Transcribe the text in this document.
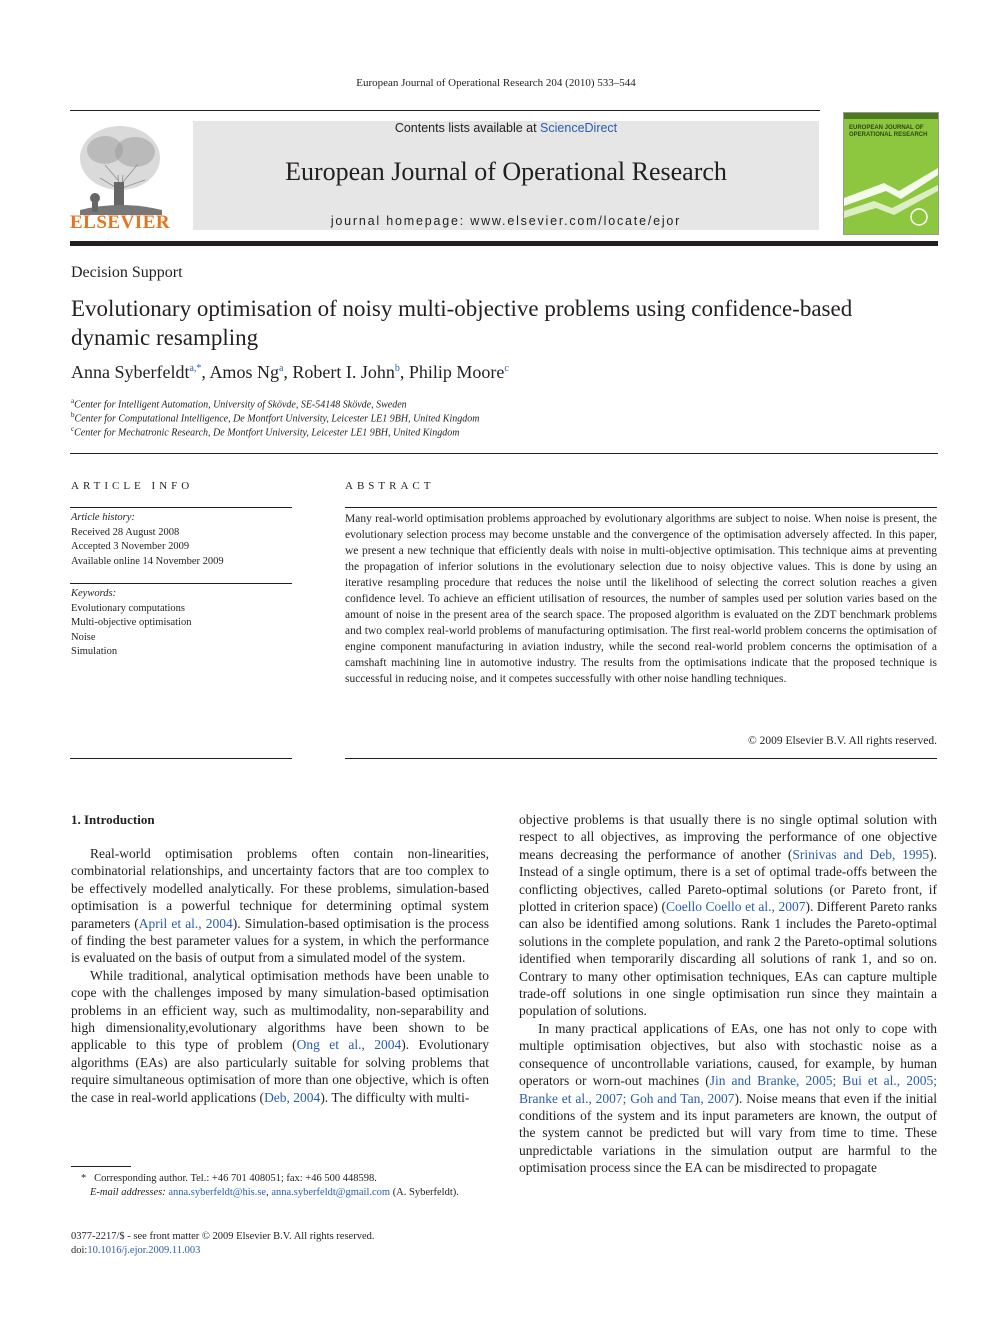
European Journal of Operational Research 204 (2010) 533–544
ELSEVIER
Contents lists available at ScienceDirect
European Journal of Operational Research
journal homepage: www.elsevier.com/locate/ejor
EUROPEAN JOURNAL OF OPERATIONAL RESEARCH
Decision Support
Evolutionary optimisation of noisy multi-objective problems using confidence-based dynamic resampling
Anna Syberfeldt$^{a,*}$, Amos Ng$^a$, Robert I. John$^b$, Philip Moore$^c$
$^a$Center for Intelligent Automation, University of Skövde, SE-54148 Skövde, Sweden
$^b$Center for Computational Intelligence, De Montfort University, Leicester LE1 9BH, United Kingdom
$^c$Center for Mechatronic Research, De Montfort University, Leicester LE1 9BH, United Kingdom
ARTICLE INFO
Article history:
Received 28 August 2008
Accepted 3 November 2009
Available online 14 November 2009
Keywords:
Evolutionary computations
Multi-objective optimisation
Noise
Simulation
ABSTRACT
Many real-world optimisation problems approached by evolutionary algorithms are subject to noise. When noise is present, the evolutionary selection process may become unstable and the convergence of the optimisation adversely affected. In this paper, we present a new technique that efficiently deals with noise in multi-objective optimisation. This technique aims at preventing the propagation of inferior solutions in the evolutionary selection due to noisy objective values. This is done by using an iterative resampling procedure that reduces the noise until the likelihood of selecting the correct solution reaches a given confidence level. To achieve an efficient utilisation of resources, the number of samples used per solution varies based on the amount of noise in the present area of the search space. The proposed algorithm is evaluated on the ZDT benchmark problems and two complex real-world problems of manufacturing optimisation. The first real-world problem concerns the optimisation of engine component manufacturing in aviation industry, while the second real-world problem concerns the optimisation of a camshaft machining line in automotive industry. The results from the optimisations indicate that the proposed technique is successful in reducing noise, and it competes successfully with other noise handling techniques.
© 2009 Elsevier B.V. All rights reserved.
1. Introduction

Real-world optimisation problems often contain non-linearities, combinatorial relationships, and uncertainty factors that are too complex to be effectively modelled analytically. For these problems, simulation-based optimisation is a powerful technique for determining optimal system parameters (April et al., 2004). Simulation-based optimisation is the process of finding the best parameter values for a system, in which the performance is evaluated on the basis of output from a simulated model of the system.

While traditional, analytical optimisation methods have been unable to cope with the challenges imposed by many simulation-based optimisation problems in an efficient way, such as multimodality, non-separability and high dimensionality,evolutionary algorithms have been shown to be applicable to this type of problem (Ong et al., 2004). Evolutionary algorithms (EAs) are also particularly suitable for solving problems that require simultaneous optimisation of more than one objective, which is often the case in real-world applications (Deb, 2004). The difficulty with multi-

objective problems is that usually there is no single optimal solution with respect to all objectives, as improving the performance of one objective means decreasing the performance of another (Srinivas and Deb, 1995). Instead of a single optimum, there is a set of optimal trade-offs between the conflicting objectives, called Pareto-optimal solutions (or Pareto front, if plotted in criterion space) (Coello Coello et al., 2007). Different Pareto ranks can also be identified among solutions. Rank 1 includes the Pareto-optimal solutions in the complete population, and rank 2 the Pareto-optimal solutions identified when temporarily discarding all solutions of rank 1, and so on. Contrary to many other optimisation techniques, EAs can capture multiple trade-off solutions in one single optimisation run since they maintain a population of solutions.

In many practical applications of EAs, one has not only to cope with multiple optimisation objectives, but also with stochastic noise as a consequence of uncontrollable variations, caused, for example, by human operators or worn-out machines (Jin and Branke, 2005; Bui et al., 2005; Branke et al., 2007; Goh and Tan, 2007). Noise means that even if the initial conditions of the system and its input parameters are known, the output of the system cannot be predicted but will vary from time to time. These unpredictable variations in the simulation output are harmful to the optimisation process since the EA can be misdirected to propagate

* Corresponding author. Tel.: +46 701 408051; fax: +46 500 448598.
E-mail addresses: anna.syberfeldt@his.se, anna.syberfeldt@gmail.com (A. Syberfeldt).
0377-2217/$ - see front matter © 2009 Elsevier B.V. All rights reserved.
doi:10.1016/j.ejor.2009.11.003
